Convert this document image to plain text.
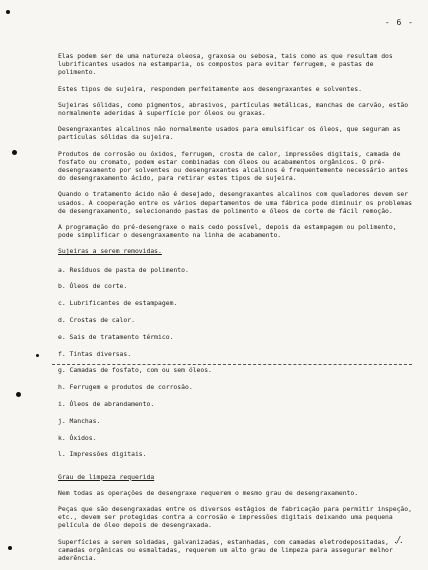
- 6 -

Elas podem ser de uma natureza oleosa, graxosa ou sebosa, tais como as que resultam dos lubrificantes usados na estamparia, os compostos para evitar ferrugem, e pastas de polimento.

Estes tipos de sujeira, respondem perfeitamente aos desengraxantes e solventes.

Sujeiras sólidas, como pigmentos, abrasivos, partículas metálicas, manchas de carvão, estão normalmente aderidas à superfície por óleos ou graxas.

Desengraxantes alcalinos não normalmente usados para emulsificar os óleos, que seguram as partículas sólidas da sujeira.

Produtos de corrosão ou óxidos, ferrugem, crosta de calor, impressões digitais, camada de fosfato ou cromato, podem estar combinadas com óleos ou acabamentos orgânicos. O pré-desengraxamento por solventes ou desengraxantes alcalinos é frequentemente necessário antes do desengraxamento ácido, para retirar estes tipos de sujeira.

Quando o tratamento ácido não é desejado, desengraxantes alcalinos com queladores devem ser usados. A cooperação entre os vários departamentos de uma fábrica pode diminuir os problemas de desengraxamento, selecionando pastas de polimento e óleos de corte de fácil remoção.

A programação do pré-desengraxe o mais cedo possível, depois da estampagem ou polimento, pode simplificar o desengraxamento na linha de acabamento.

Sujeiras a serem removidas.
a. Resíduos de pasta de polimento.
b. Óleos de corte.
c. Lubrificantes de estampagem.
d. Crostas de calor.
e. Sais de tratamento térmico.
f. Tintas diversas.
g. Camadas de fosfato, com ou sem óleos.
h. Ferrugem e produtos de corrosão.
i. Óleos de abrandamento.
j. Manchas.
k. Óxidos.
l. Impressões digitais.
Grau de limpeza requerida

Nem todas as operações de desengraxe requerem o mesmo grau de desengraxamento.

Peças que são desengraxadas entre os diversos estágios de fabricação para permitir inspeção, etc., devem ser protegidas contra a corrosão e impressões digitais deixando uma pequena película de óleo depois de desengraxada.

Superfícies a serem soldadas, galvanizadas, estanhadas, com camadas eletrodepositadas, camadas orgânicas ou esmaltadas, requerem um alto grau de limpeza para assegurar melhor aderência.

./.
